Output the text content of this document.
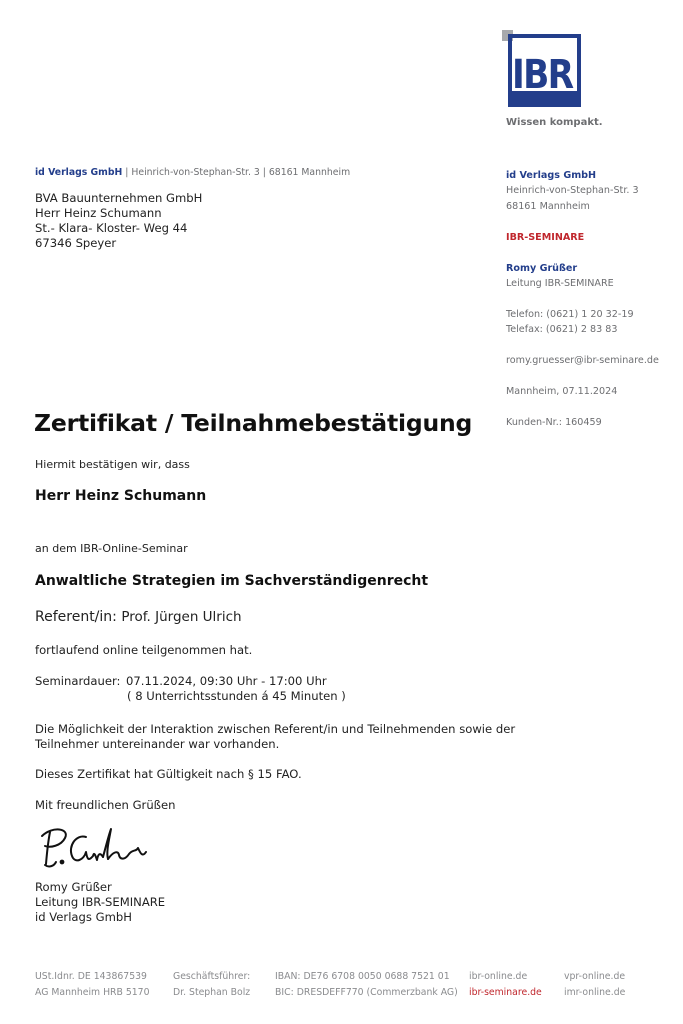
IBR
Wissen kompakt.
id Verlags GmbH | Heinrich-von-Stephan-Str. 3 | 68161 Mannheim
BVA Bauunternehmen GmbH
Herr Heinz Schumann
St.- Klara- Kloster- Weg 44
67346 Speyer
id Verlags GmbH
Heinrich-von-Stephan-Str. 3
68161 Mannheim
IBR-SEMINARE
Romy Grüßer
Leitung IBR-SEMINARE
Telefon: (0621) 1 20 32-19
Telefax: (0621) 2 83 83
romy.gruesser@ibr-seminare.de
Mannheim, 07.11.2024
Kunden-Nr.: 160459
Zertifikat / Teilnahmebestätigung
Hiermit bestätigen wir, dass
Herr Heinz Schumann
an dem IBR-Online-Seminar
Anwaltliche Strategien im Sachverständigenrecht
Referent/in: Prof. Jürgen Ulrich
fortlaufend online teilgenommen hat.
Seminardauer: 07.11.2024, 09:30 Uhr - 17:00 Uhr
( 8 Unterrichtsstunden á 45 Minuten )
Die Möglichkeit der Interaktion zwischen Referent/in und Teilnehmenden sowie der
Teilnehmer untereinander war vorhanden.
Dieses Zertifikat hat Gültigkeit nach § 15 FAO.
Mit freundlichen Grüßen
Romy Grüßer
Leitung IBR-SEMINARE
id Verlags GmbH
USt.Idnr. DE 143867539
AG Mannheim HRB 5170
Geschäftsführer:
Dr. Stephan Bolz
IBAN: DE76 6708 0050 0688 7521 01
BIC: DRESDEFF770 (Commerzbank AG)
ibr-online.de
ibr-seminare.de
vpr-online.de
imr-online.de
